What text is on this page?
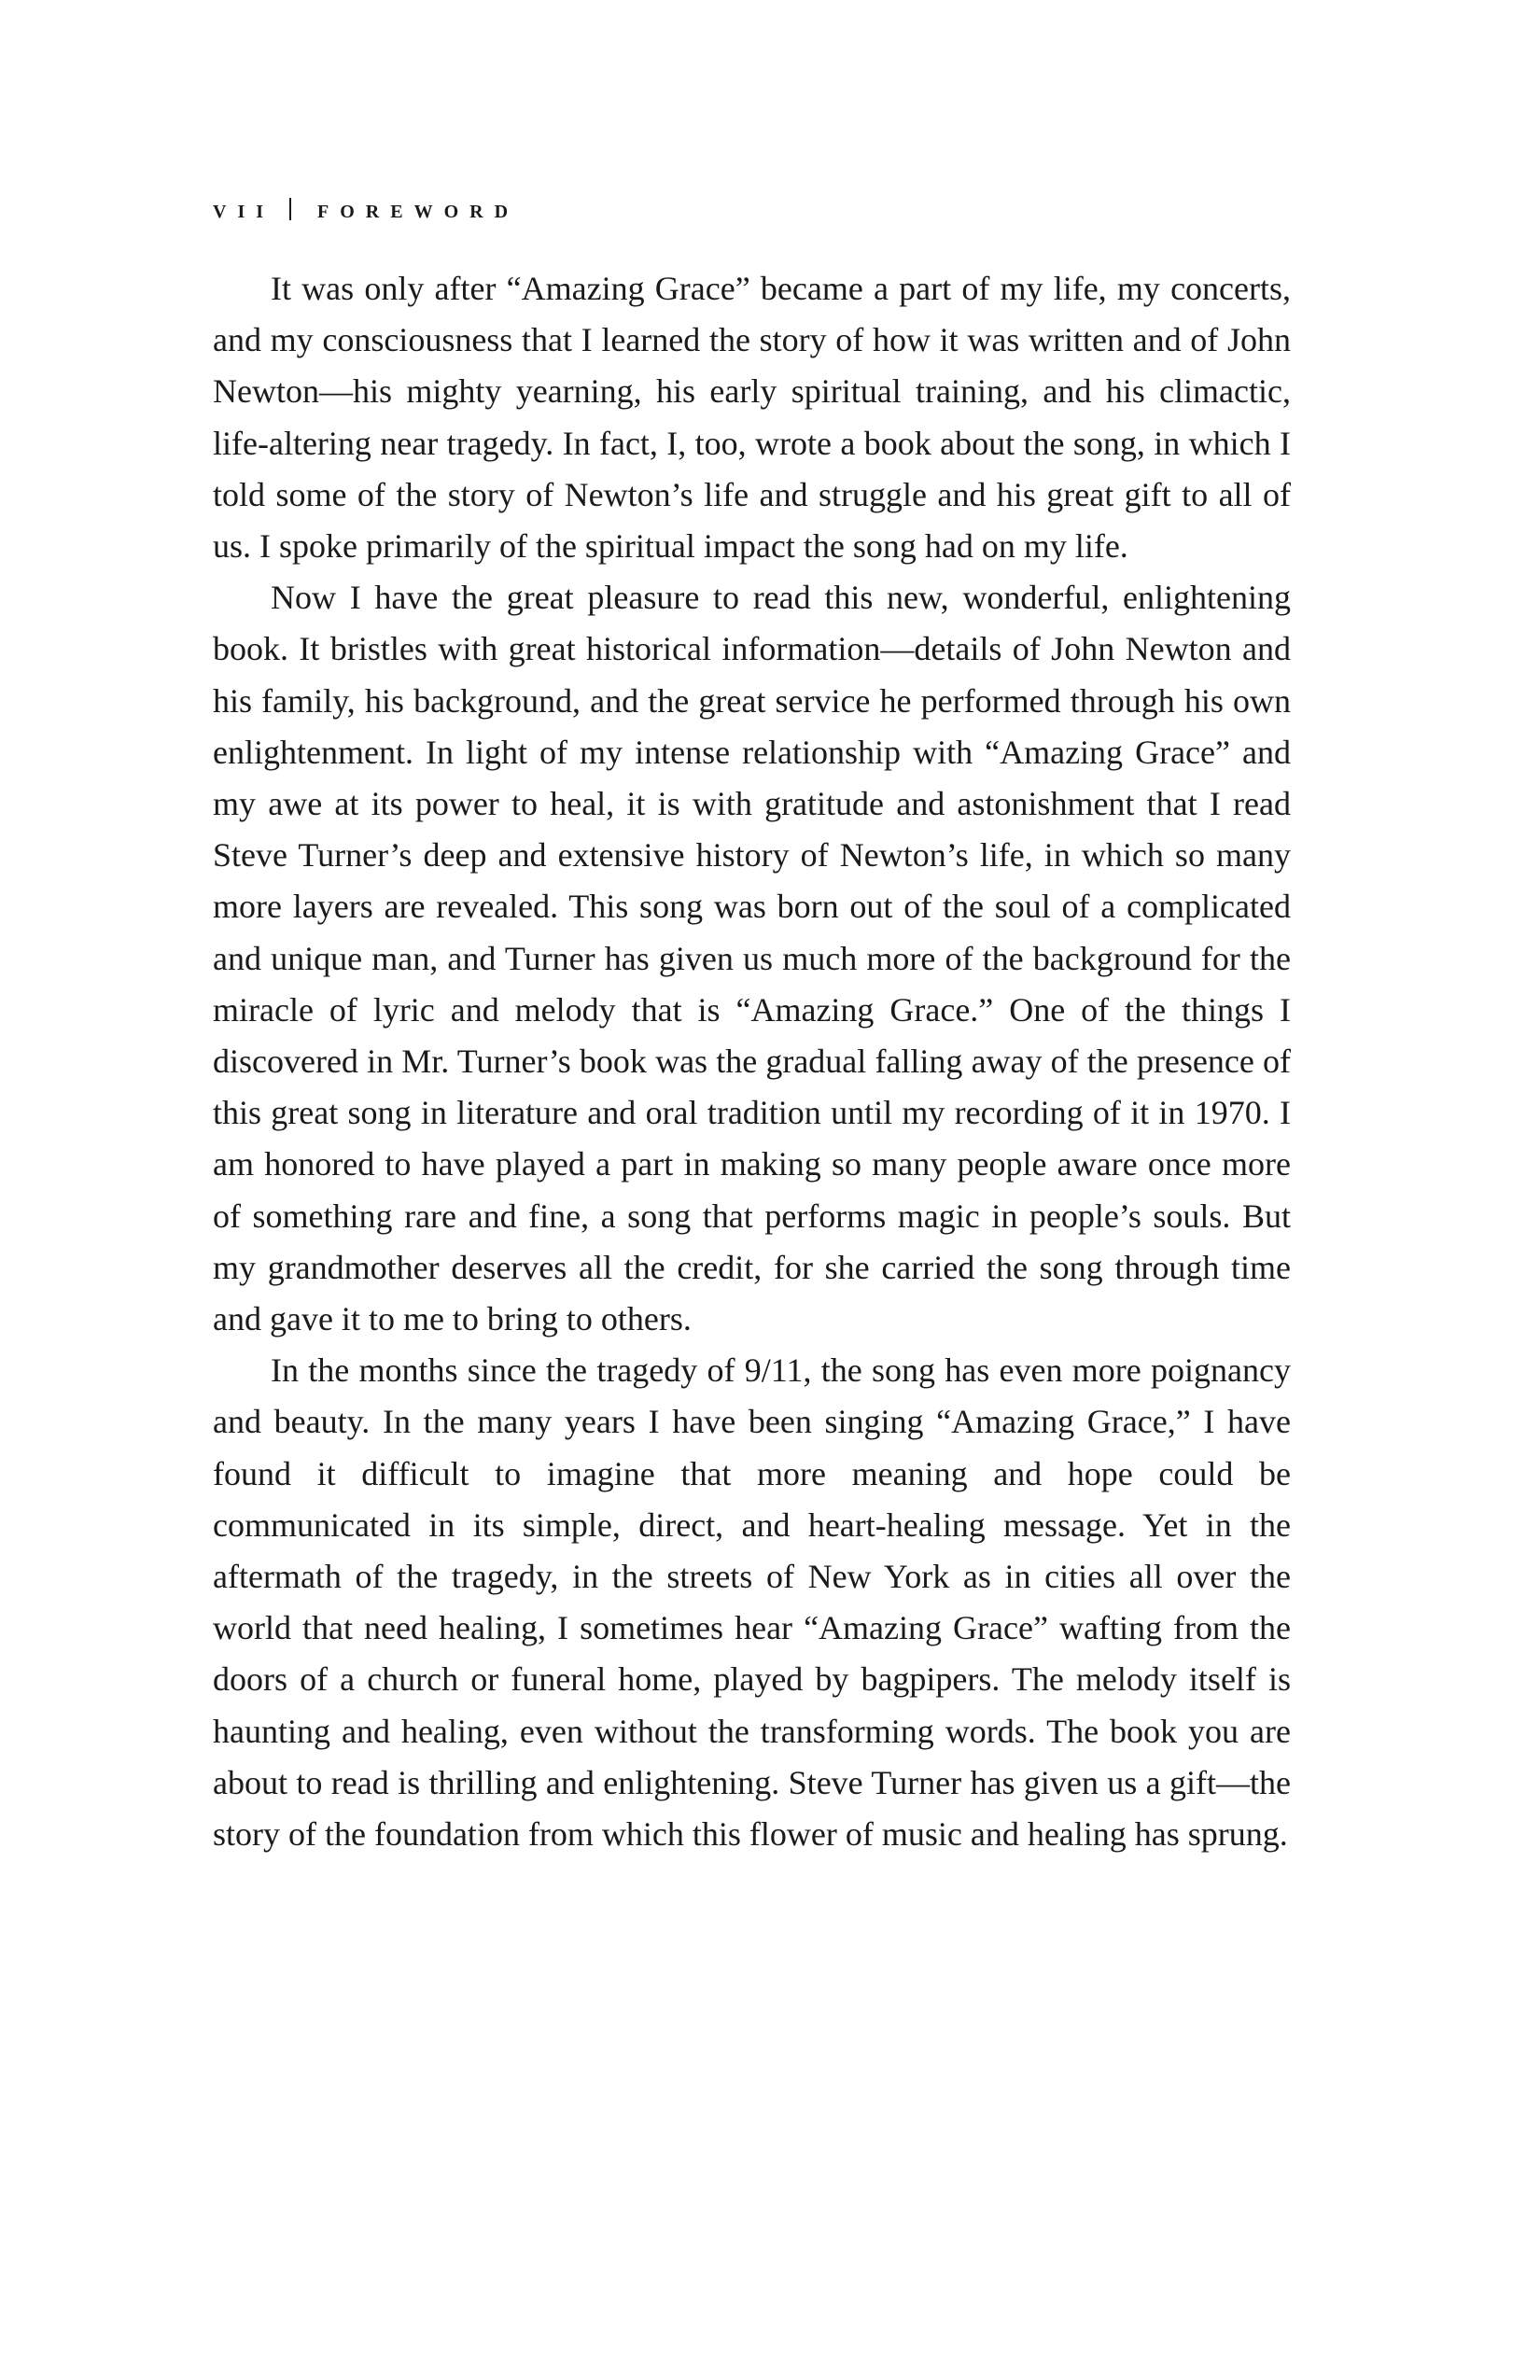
VII FOREWORD

It was only after “Amazing Grace” became a part of my life, my concerts, and my consciousness that I learned the story of how it was written and of John Newton—his mighty yearning, his early spiritual training, and his climactic, life-altering near tragedy. In fact, I, too, wrote a book about the song, in which I told some of the story of Newton’s life and struggle and his great gift to all of us. I spoke primarily of the spiritual impact the song had on my life.

Now I have the great pleasure to read this new, wonderful, enlightening book. It bristles with great historical information—details of John Newton and his family, his background, and the great service he performed through his own enlightenment. In light of my intense relationship with “Amazing Grace” and my awe at its power to heal, it is with gratitude and astonishment that I read Steve Turner’s deep and extensive history of Newton’s life, in which so many more layers are revealed. This song was born out of the soul of a complicated and unique man, and Turner has given us much more of the background for the miracle of lyric and melody that is “Amazing Grace.” One of the things I discovered in Mr. Turner’s book was the gradual falling away of the presence of this great song in literature and oral tradition until my recording of it in 1970. I am honored to have played a part in making so many people aware once more of something rare and fine, a song that performs magic in people’s souls. But my grandmother deserves all the credit, for she carried the song through time and gave it to me to bring to others.

In the months since the tragedy of 9/11, the song has even more poignancy and beauty. In the many years I have been singing “Amazing Grace,” I have found it difficult to imagine that more meaning and hope could be communicated in its simple, direct, and heart-healing message. Yet in the aftermath of the tragedy, in the streets of New York as in cities all over the world that need healing, I sometimes hear “Amazing Grace” wafting from the doors of a church or funeral home, played by bagpipers. The melody itself is haunting and healing, even without the transforming words. The book you are about to read is thrilling and enlightening. Steve Turner has given us a gift—the story of the foundation from which this flower of music and healing has sprung.
